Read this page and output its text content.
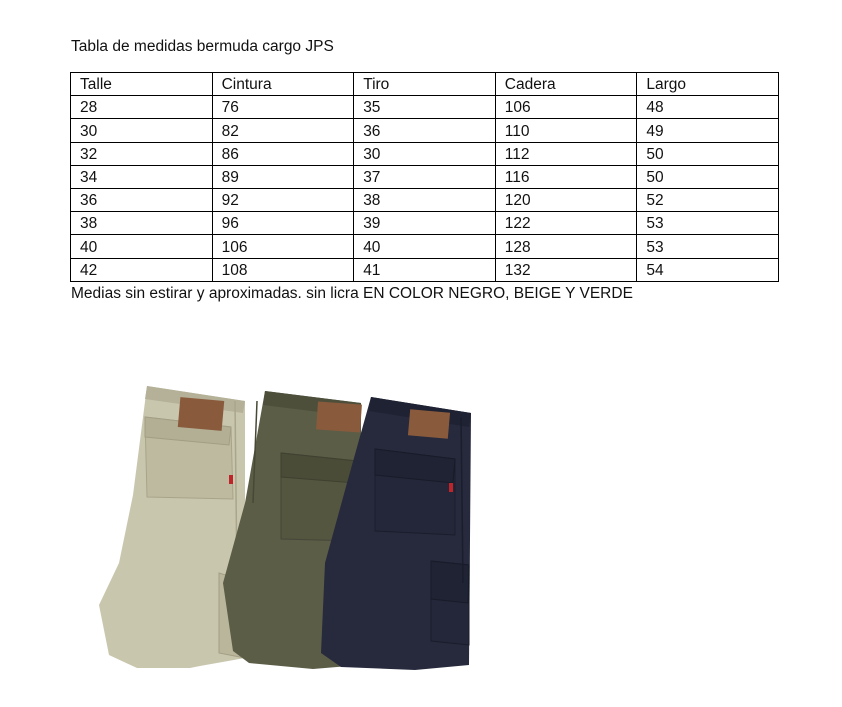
Tabla de medidas bermuda cargo JPS
Talle	Cintura	Tiro	Cadera	Largo
28	76	35	106	48
30	82	36	110	49
32	86	30	112	50
34	89	37	116	50
36	92	38	120	52
38	96	39	122	53
40	106	40	128	53
42	108	41	132	54
Medias sin estirar y aproximadas. sin licra EN COLOR NEGRO, BEIGE Y VERDE
